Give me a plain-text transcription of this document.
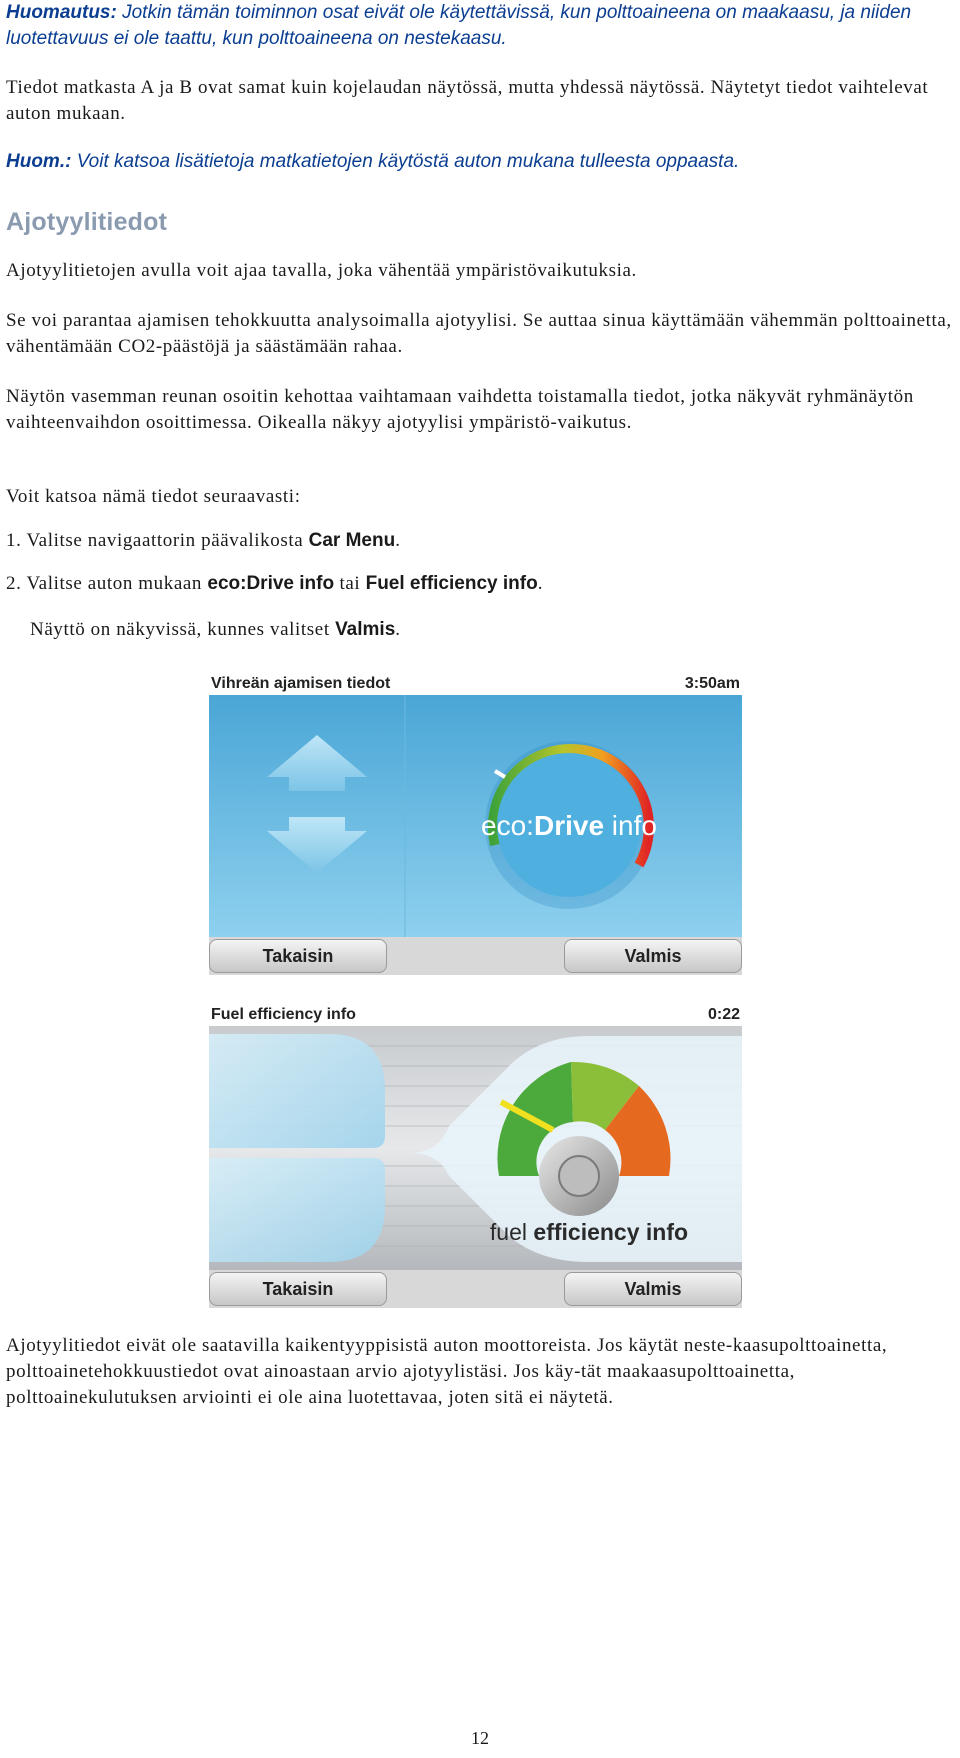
Huomautus: Jotkin tämän toiminnon osat eivät ole käytettävissä, kun polttoaineena on maakaasu, ja niiden luotettavuus ei ole taattu, kun polttoaineena on nestekaasu.

Tiedot matkasta A ja B ovat samat kuin kojelaudan näytössä, mutta yhdessä näytössä. Näytetyt tiedot vaihtelevat auton mukaan.

Huom.: Voit katsoa lisätietoja matkatietojen käytöstä auton mukana tulleesta oppaasta.

Ajotyylitiedot

Ajotyylitietojen avulla voit ajaa tavalla, joka vähentää ympäristövaikutuksia.

Se voi parantaa ajamisen tehokkuutta analysoimalla ajotyylisi. Se auttaa sinua käyttämään vähemmän polttoainetta, vähentämään CO2-päästöjä ja säästämään rahaa.

Näytön vasemman reunan osoitin kehottaa vaihtamaan vaihdetta toistamalla tiedot, jotka näkyvät ryhmänäytön vaihteenvaihdon osoittimessa. Oikealla näkyy ajotyylisi ympäristö-vaikutus.

Voit katsoa nämä tiedot seuraavasti:

1. Valitse navigaattorin päävalikosta Car Menu.

2. Valitse auton mukaan eco:Drive info tai Fuel efficiency info.

Näyttö on näkyvissä, kunnes valitset Valmis.

Vihreän ajamisen tiedot	3:50am
eco:Drive info
Takaisin	Valmis
Fuel efficiency info	0:22
fuel efficiency info
Takaisin	Valmis

Ajotyylitiedot eivät ole saatavilla kaikentyyppisistä auton moottoreista. Jos käytät neste-kaasupolttoainetta, polttoainetehokkuustiedot ovat ainoastaan arvio ajotyylistäsi. Jos käy-tät maakaasupolttoainetta, polttoainekulutuksen arviointi ei ole aina luotettavaa, joten sitä ei näytetä.

12
